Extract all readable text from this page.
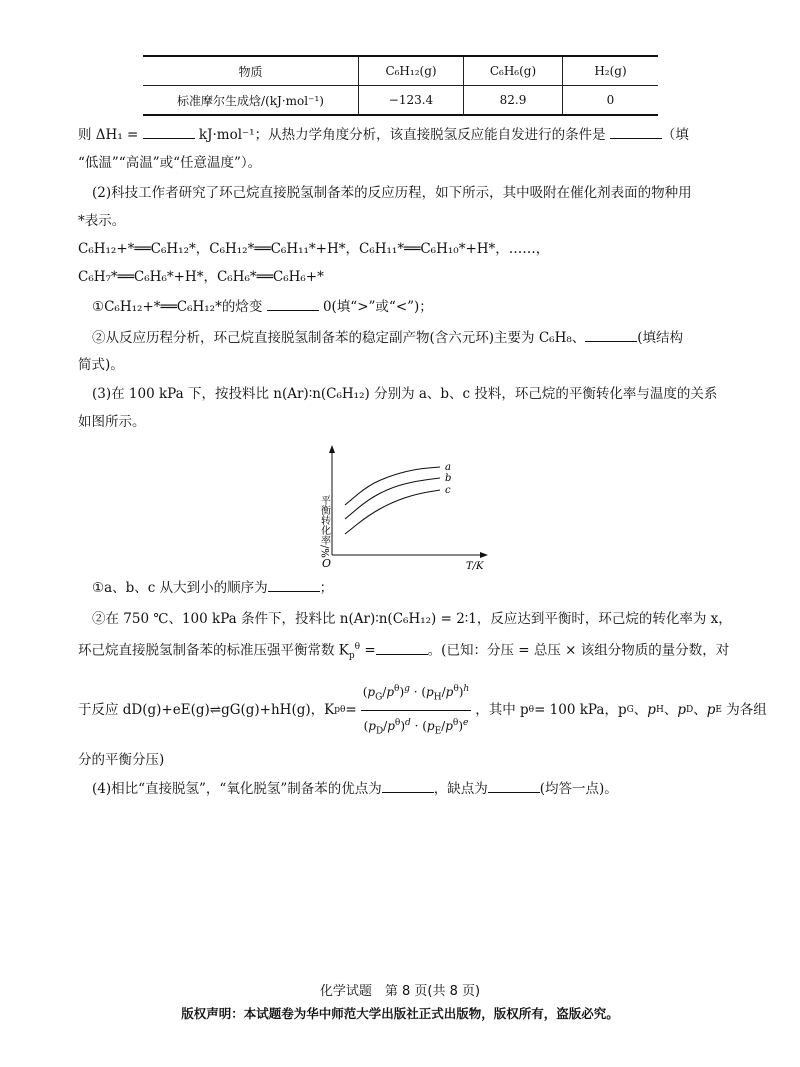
物质	C₆H₁₂(g)	C₆H₆(g)	H₂(g)
标准摩尔生成焓/(kJ·mol⁻¹)	−123.4	82.9	0
则 ΔH₁ =	kJ·mol⁻¹；从热力学角度分析，该直接脱氢反应能自发进行的条件是	（填
“低温”“高温”或“任意温度”）。
(2)科技工作者研究了环己烷直接脱氢制备苯的反应历程，如下所示，其中吸附在催化剂表面的物种用
*表示。
C₆H₁₂+*══C₆H₁₂*，C₆H₁₂*══C₆H₁₁*+H*，C₆H₁₁*══C₆H₁₀*+H*，……，
C₆H₇*══C₆H₆*+H*，C₆H₆*══C₆H₆+*
①C₆H₁₂+*══C₆H₁₂*的焓变	0(填“>”或“<”)；
②从反应历程分析，环己烷直接脱氢制备苯的稳定副产物(含六元环)主要为 C₆H₈、	(填结构
简式)。
(3)在 100 kPa 下，按投料比 n(Ar)∶n(C₆H₁₂) 分别为 a、b、c 投料，环己烷的平衡转化率与温度的关系
如图所示。
平衡转化率/%
O	T/K
a
b
c
①a、b、c 从大到小的顺序为	；
②在 750 ℃、100 kPa 条件下，投料比 n(Ar)∶n(C₆H₁₂) = 2∶1，反应达到平衡时，环己烷的转化率为 x，
环己烷直接脱氢制备苯的标准压强平衡常数 $K_p^\theta$ =	。(已知：分压 = 总压 × 该组分物质的量分数，对
于反应 dD(g)+eE(g)⇌gG(g)+hH(g)，K p $\theta = \frac{(p_G/p^\theta)^g \cdot (p_H/p^\theta)^h}{(p_D/p^\theta)^d \cdot (p_E/p^\theta)^e}$ ， 其中 p θ = 100 kPa，p G 、 p H 、 p D 、 p E
为各组
分的平衡分压)
(4)相比“直接脱氢”，“氧化脱氢”制备苯的优点为	，缺点为	(均答一点)。
化学试题　第 8 页(共 8 页)
版权声明：本试题卷为华中师范大学出版社正式出版物，版权所有，盗版必究。
